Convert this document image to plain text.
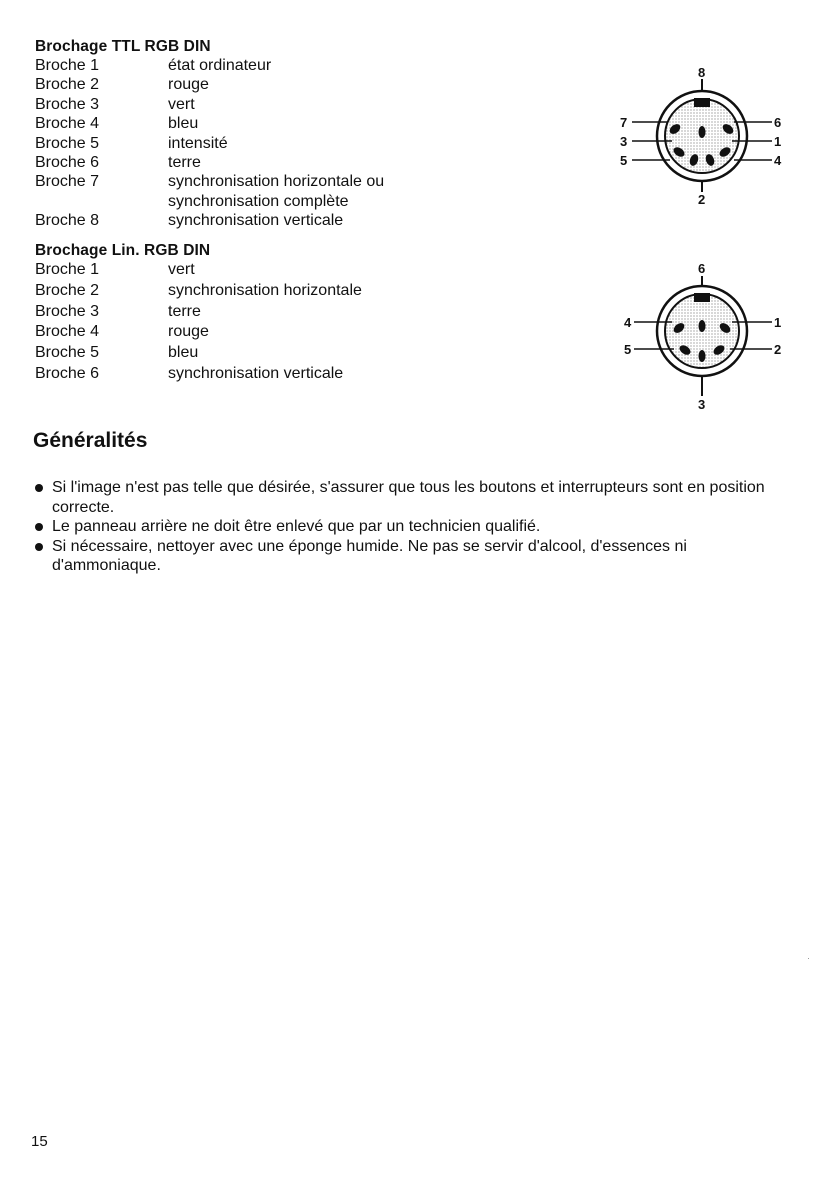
Brochage TTL RGB DIN
Broche 1	état ordinateur
Broche 2	rouge
Broche 3	vert
Broche 4	bleu
Broche 5	intensité
Broche 6	terre
Broche 7	synchronisation horizontale ou
synchronisation complète
Broche 8	synchronisation verticale
8
7
3
5
6
1
4
2
Brochage Lin. RGB DIN
Broche 1	vert
Broche 2	synchronisation horizontale
Broche 3	terre
Broche 4	rouge
Broche 5	bleu
Broche 6	synchronisation verticale
6
4
5
1
2
3
Généralités
Si l'image n'est pas telle que désirée, s'assurer que tous les boutons et interrupteurs sont en position correcte.
Le panneau arrière ne doit être enlevé que par un technicien qualifié.
Si nécessaire, nettoyer avec une éponge humide. Ne pas se servir d'alcool, d'essences ni d'ammoniaque.
15
